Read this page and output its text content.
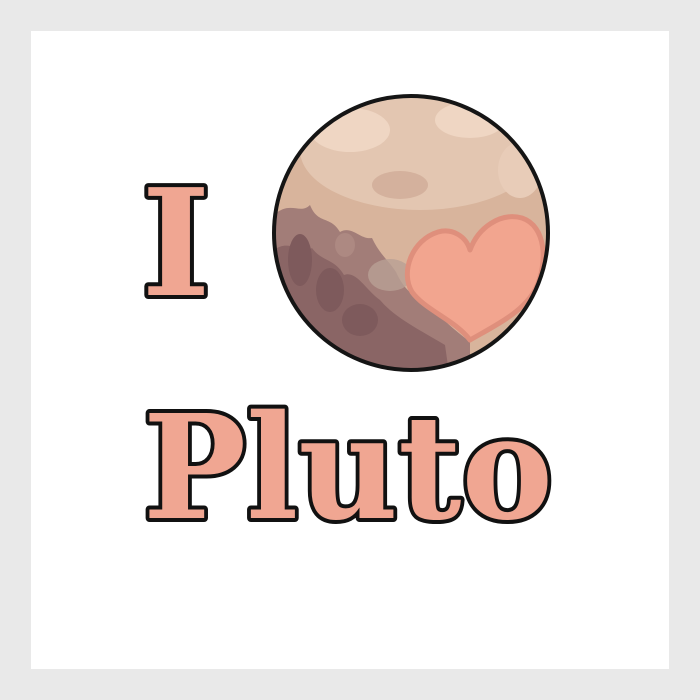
I
Pluto
